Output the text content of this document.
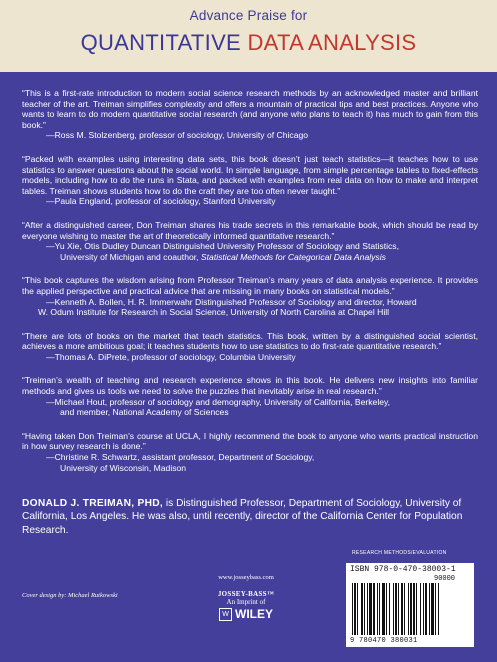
Advance Praise for
QUANTITATIVE DATA ANALYSIS
“This is a first-rate introduction to modern social science research methods by an acknowledged master and brilliant teacher of the art. Treiman simplifies complexity and offers a mountain of practical tips and best practices. Anyone who wants to learn to do modern quantitative social research (and anyone who plans to teach it) has much to gain from this book.”
—Ross M. Stolzenberg, professor of sociology, University of Chicago
“Packed with examples using interesting data sets, this book doesn’t just teach statistics—it teaches how to use statistics to answer questions about the social world. In simple language, from simple percentage tables to fixed-effects models, including how to do the runs in Stata, and packed with examples from real data on how to make and interpret tables. Treiman shows students how to do the craft they are too often never taught.”
—Paula England, professor of sociology, Stanford University
“After a distinguished career, Don Treiman shares his trade secrets in this remarkable book, which should be read by everyone wishing to master the art of theoretically informed quantitative research.”
—Yu Xie, Otis Dudley Duncan Distinguished University Professor of Sociology and Statistics,
University of Michigan and coauthor, Statistical Methods for Categorical Data Analysis
“This book captures the wisdom arising from Professor Treiman’s many years of data analysis experience. It provides the applied perspective and practical advice that are missing in many books on statistical models.”
—Kenneth A. Bollen, H. R. Immerwahr Distinguished Professor of Sociology and director, Howard
W. Odum Institute for Research in Social Science, University of North Carolina at Chapel Hill
“There are lots of books on the market that teach statistics. This book, written by a distinguished social scientist, achieves a more ambitious goal; it teaches students how to use statistics to do first-rate quantitative research.”
—Thomas A. DiPrete, professor of sociology, Columbia University
“Treiman’s wealth of teaching and research experience shows in this book. He delivers new insights into familiar methods and gives us tools we need to solve the puzzles that inevitably arise in real research.”
—Michael Hout, professor of sociology and demography, University of California, Berkeley,
and member, National Academy of Sciences
“Having taken Don Treiman’s course at UCLA, I highly recommend the book to anyone who wants practical instruction in how survey research is done.”
—Christine R. Schwartz, assistant professor, Department of Sociology,
University of Wisconsin, Madison
DONALD J. TREIMAN, PHD, is Distinguished Professor, Department of Sociology, University of California, Los Angeles. He was also, until recently, director of the California Center for Population Research.
RESEARCH METHODS/EVALUATION
ISBN 978-0-470-38003-1
90000
9 780470 380031
Cover design by: Michael Rutkowski
www.josseybass.com
JOSSEY-BASS™
An Imprint of
W WILEY
